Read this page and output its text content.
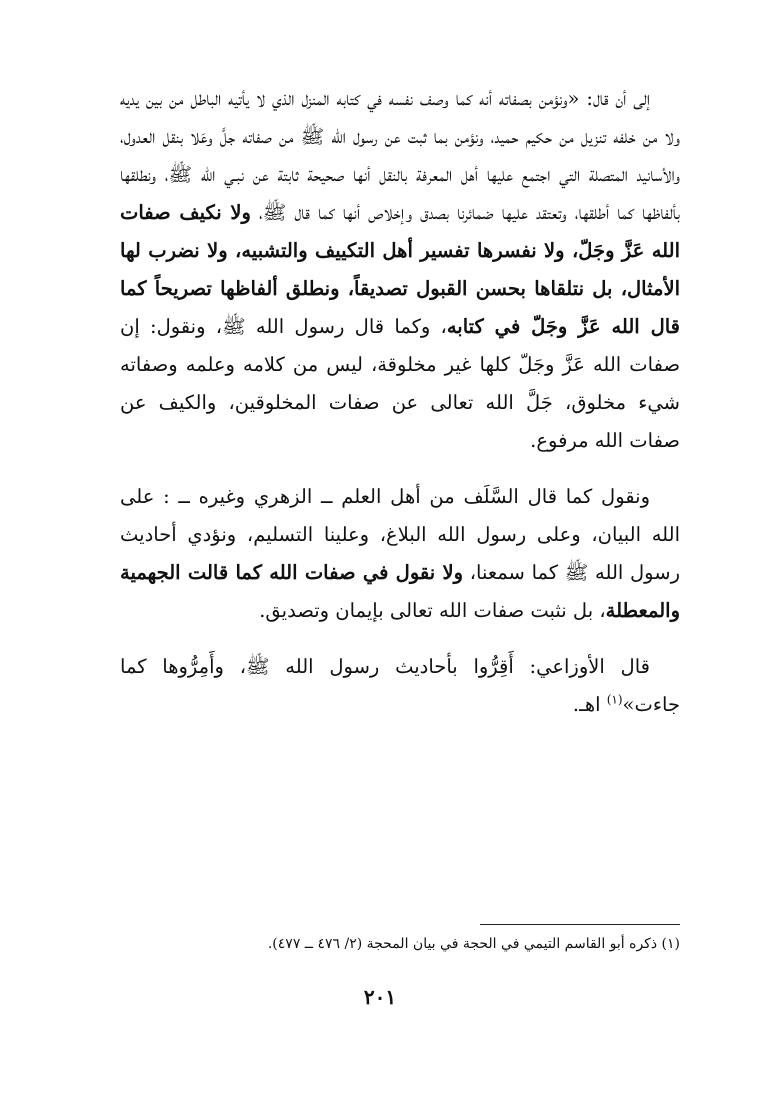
إلى أن قال: «ونؤمن بصفاته أنه كما وصف نفسه في كتابه المنزل الذي لا يأتيه الباطل من بين يديه ولا من خلفه تنزيل من حكيم حميد، ونؤمن بما ثبت عن رسول الله ﷺ من صفاته جلَّ وعَلا بنقل العدول، والأسانيد المتصلة التي اجتمع عليها أهل المعرفة بالنقل أنها صحيحة ثابتة عن نبـي الله ﷺ، ونطلقها بألفاظها كما أطلقها، وتعتقد عليها ضمائرنا بصدق وإخلاص أنها كما قال ﷺ، ولا نكيف صفات الله عَزَّ وجَلّ، ولا نفسرها تفسير أهل التكييف والتشبيه، ولا نضرب لها الأمثال، بل نتلقاها بحسن القبول تصديقاً، ونطلق ألفاظها تصريحاً كما قال الله عَزَّ وجَلّ في كتابه، وكما قال رسول الله ﷺ، ونقول: إن صفات الله عَزَّ وجَلّ كلها غير مخلوقة، ليس من كلامه وعلمه وصفاته شيء مخلوق، جَلَّ الله تعالى عن صفات المخلوقين، والكيف عن صفات الله مرفوع.

ونقول كما قال السَّلَف من أهل العلم ــ الزهري وغيره ــ : على الله البيان، وعلى رسول الله البلاغ، وعلينا التسليم، ونؤدي أحاديث رسول الله ﷺ كما سمعنا، ولا نقول في صفات الله كما قالت الجهمية والمعطلة، بل نثبت صفات الله تعالى بإيمان وتصديق.

قال الأوزاعي: أَقِرُّوا بأحاديث رسول الله ﷺ، وأَمِرُّوها كما جاءت»$^{(١)}$ اهـ.

(١) ذكره أبو القاسم التيمي في الحجة في بيان المحجة (٢/ ٤٧٦ ــ ٤٧٧).
٢٠١
